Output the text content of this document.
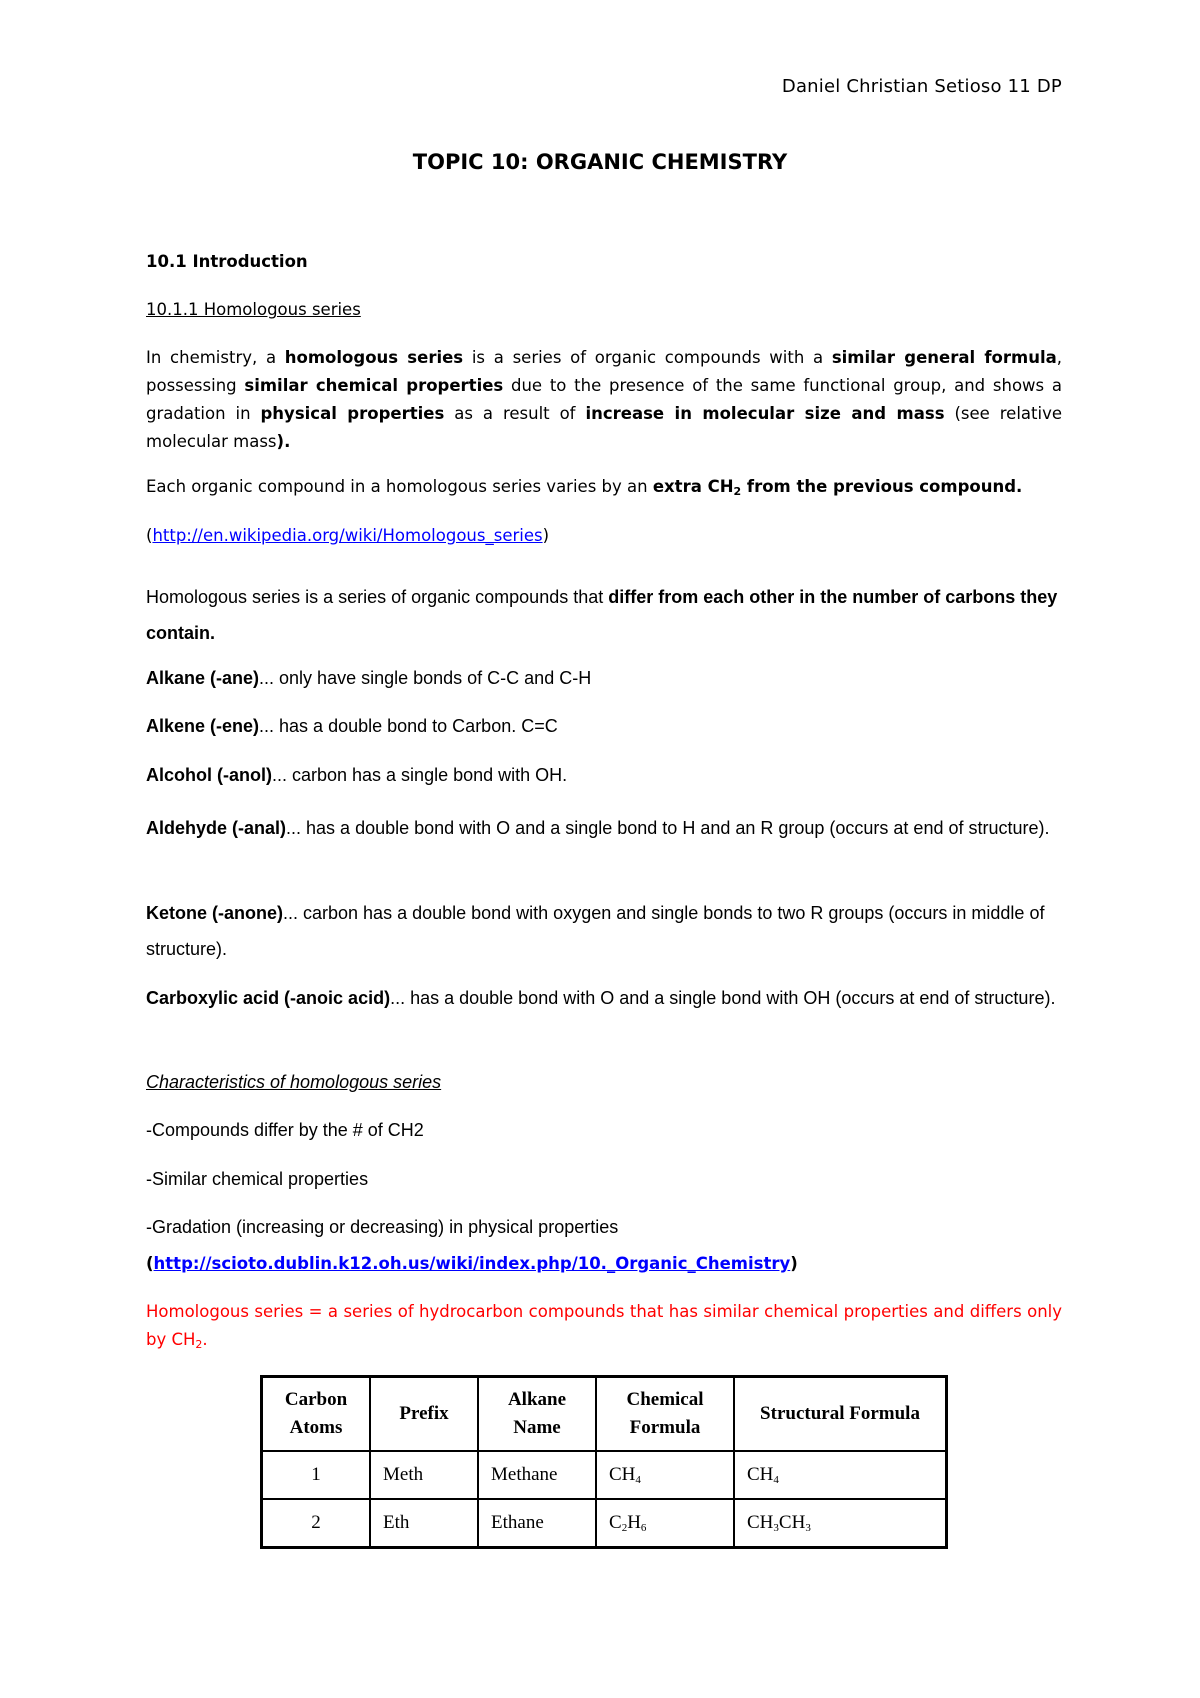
Daniel Christian Setioso 11 DP
TOPIC 10: ORGANIC CHEMISTRY
10.1 Introduction
10.1.1 Homologous series
In chemistry, a homologous series is a series of organic compounds with a similar general formula, possessing similar chemical properties due to the presence of the same functional group, and shows a gradation in physical properties as a result of increase in molecular size and mass (see relative molecular mass).
Each organic compound in a homologous series varies by an extra $CH_2$ from the previous compound.
(http://en.wikipedia.org/wiki/Homologous_series)
Homologous series is a series of organic compounds that differ from each other in the number of carbons they contain.
Alkane (-ane)... only have single bonds of C-C and C-H
Alkene (-ene)... has a double bond to Carbon. C=C
Alcohol (-anol)... carbon has a single bond with OH.
Aldehyde (-anal)... has a double bond with O and a single bond to H and an R group (occurs at end of structure).
Ketone (-anone)... carbon has a double bond with oxygen and single bonds to two R groups (occurs in middle of structure).
Carboxylic acid (-anoic acid)... has a double bond with O and a single bond with OH (occurs at end of structure).
Characteristics of homologous series
-Compounds differ by the # of CH2
-Similar chemical properties
-Gradation (increasing or decreasing) in physical properties
(http://scioto.dublin.k12.oh.us/wiki/index.php/10._Organic_Chemistry)
Homologous series = a series of hydrocarbon compounds that has similar chemical properties and differs only by $CH_2$.
Carbon Atoms	Prefix	Alkane Name	Chemical Formula	Structural Formula
1	Meth	Methane	$CH_4$	$CH_4$
2	Eth	Ethane	$C_2H_6$	$CH_3CH_3$
